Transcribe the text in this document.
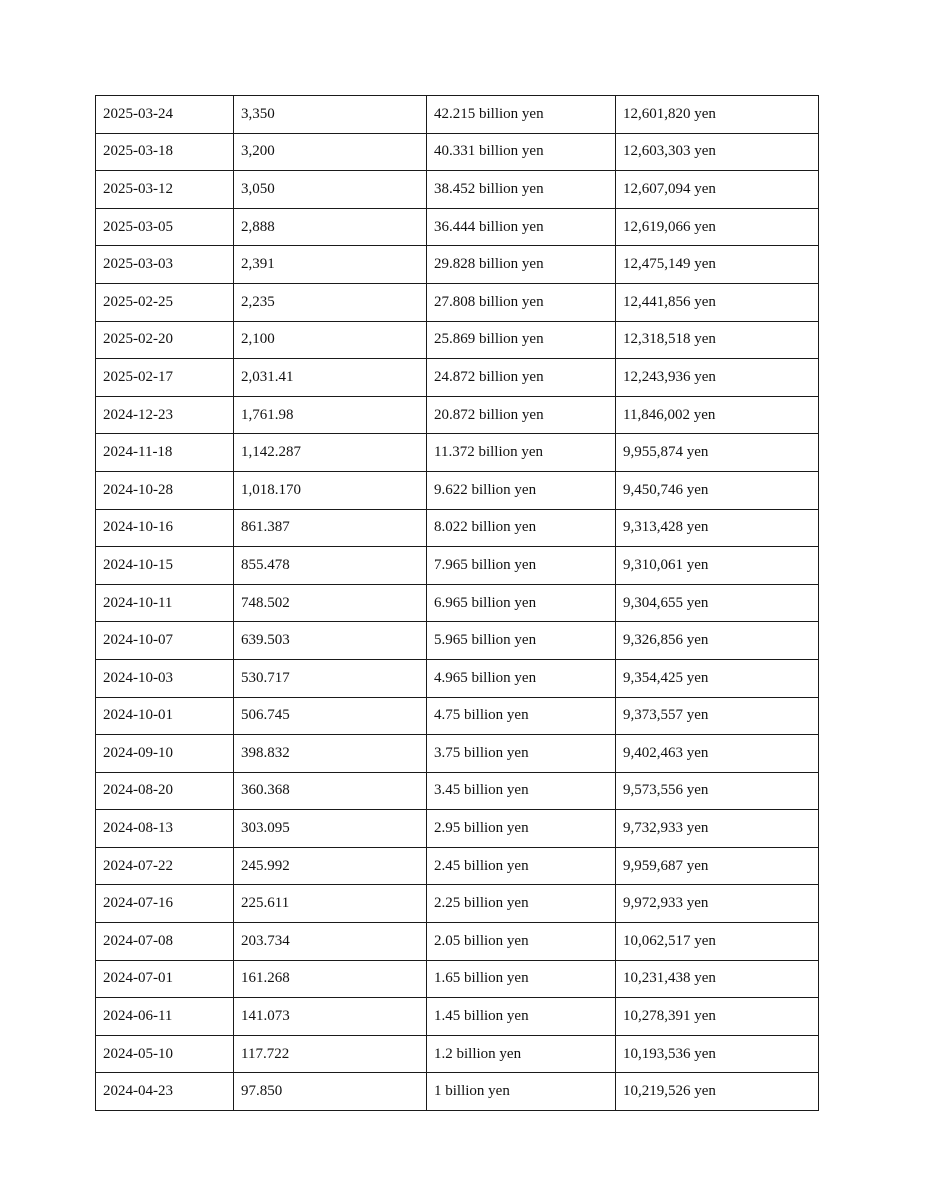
2025-03-24	3,350	42.215 billion yen	12,601,820 yen
2025-03-18	3,200	40.331 billion yen	12,603,303 yen
2025-03-12	3,050	38.452 billion yen	12,607,094 yen
2025-03-05	2,888	36.444 billion yen	12,619,066 yen
2025-03-03	2,391	29.828 billion yen	12,475,149 yen
2025-02-25	2,235	27.808 billion yen	12,441,856 yen
2025-02-20	2,100	25.869 billion yen	12,318,518 yen
2025-02-17	2,031.41	24.872 billion yen	12,243,936 yen
2024-12-23	1,761.98	20.872 billion yen	11,846,002 yen
2024-11-18	1,142.287	11.372 billion yen	9,955,874 yen
2024-10-28	1,018.170	9.622 billion yen	9,450,746 yen
2024-10-16	861.387	8.022 billion yen	9,313,428 yen
2024-10-15	855.478	7.965 billion yen	9,310,061 yen
2024-10-11	748.502	6.965 billion yen	9,304,655 yen
2024-10-07	639.503	5.965 billion yen	9,326,856 yen
2024-10-03	530.717	4.965 billion yen	9,354,425 yen
2024-10-01	506.745	4.75 billion yen	9,373,557 yen
2024-09-10	398.832	3.75 billion yen	9,402,463 yen
2024-08-20	360.368	3.45 billion yen	9,573,556 yen
2024-08-13	303.095	2.95 billion yen	9,732,933 yen
2024-07-22	245.992	2.45 billion yen	9,959,687 yen
2024-07-16	225.611	2.25 billion yen	9,972,933 yen
2024-07-08	203.734	2.05 billion yen	10,062,517 yen
2024-07-01	161.268	1.65 billion yen	10,231,438 yen
2024-06-11	141.073	1.45 billion yen	10,278,391 yen
2024-05-10	117.722	1.2 billion yen	10,193,536 yen
2024-04-23	97.850	1 billion yen	10,219,526 yen
